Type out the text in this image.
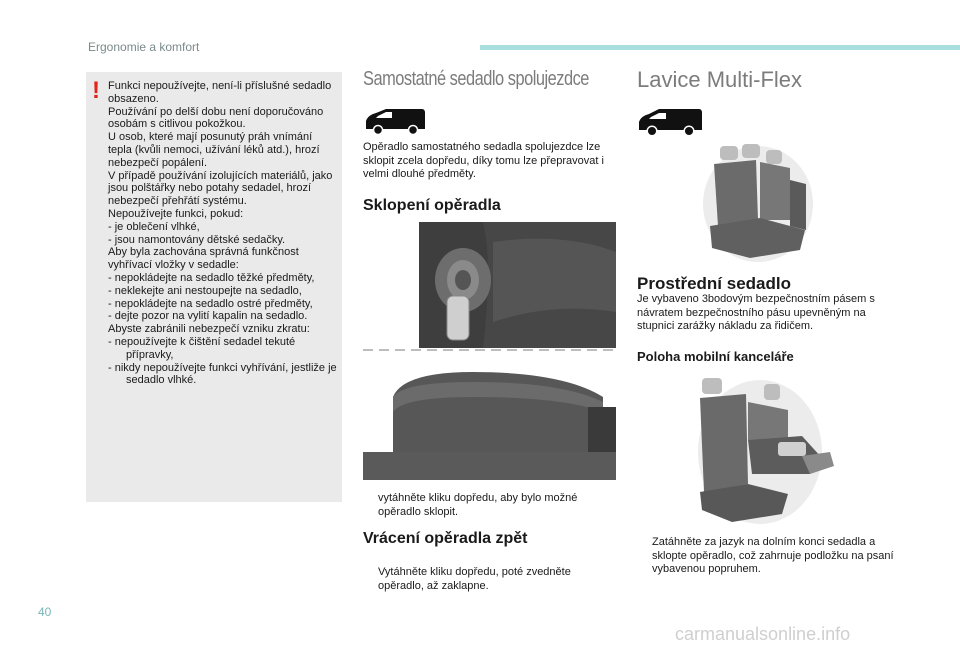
Ergonomie a komfort
! Funkci nepoužívejte, není-li příslušné sedadlo obsazeno.

Používání po delší dobu není doporučováno osobám s citlivou pokožkou.

U osob, které mají posunutý práh vnímání tepla (kvůli nemoci, užívání léků atd.), hrozí nebezpečí popálení.

V případě používání izolujících materiálů, jako jsou polštářky nebo potahy sedadel, hrozí nebezpečí přehřátí systému.

Nepoužívejte funkci, pokud:

- je oblečení vlhké,

- jsou namontovány dětské sedačky.

Aby byla zachována správná funkčnost vyhřívací vložky v sedadle:

- nepokládejte na sedadlo těžké předměty,

- neklekejte ani nestoupejte na sedadlo,

- nepokládejte na sedadlo ostré předměty,

- dejte pozor na vylití kapalin na sedadlo.

Abyste zabránili nebezpečí vzniku zkratu:

- nepoužívejte k čištění sedadel tekuté přípravky,

- nikdy nepoužívejte funkci vyhřívání, jestliže je sedadlo vlhké.

Samostatné sedadlo spolujezdce
Opěradlo samostatného sedadla spolujezdce lze sklopit zcela dopředu, díky tomu lze přepravovat i velmi dlouhé předměty.
Sklopení opěradla
vytáhněte kliku dopředu, aby bylo možné opěradlo sklopit.
Vrácení opěradla zpět
Vytáhněte kliku dopředu, poté zvedněte opěradlo, až zaklapne.
Lavice Multi-Flex
Prostřední sedadlo
Je vybaveno 3bodovým bezpečnostním pásem s návratem bezpečnostního pásu upevněným na stupnici zarážky nákladu za řidičem.
Poloha mobilní kanceláře
Zatáhněte za jazyk na dolním konci sedadla a sklopte opěradlo, což zahrnuje podložku na psaní vybavenou popruhem.
40
carmanualsonline.info
